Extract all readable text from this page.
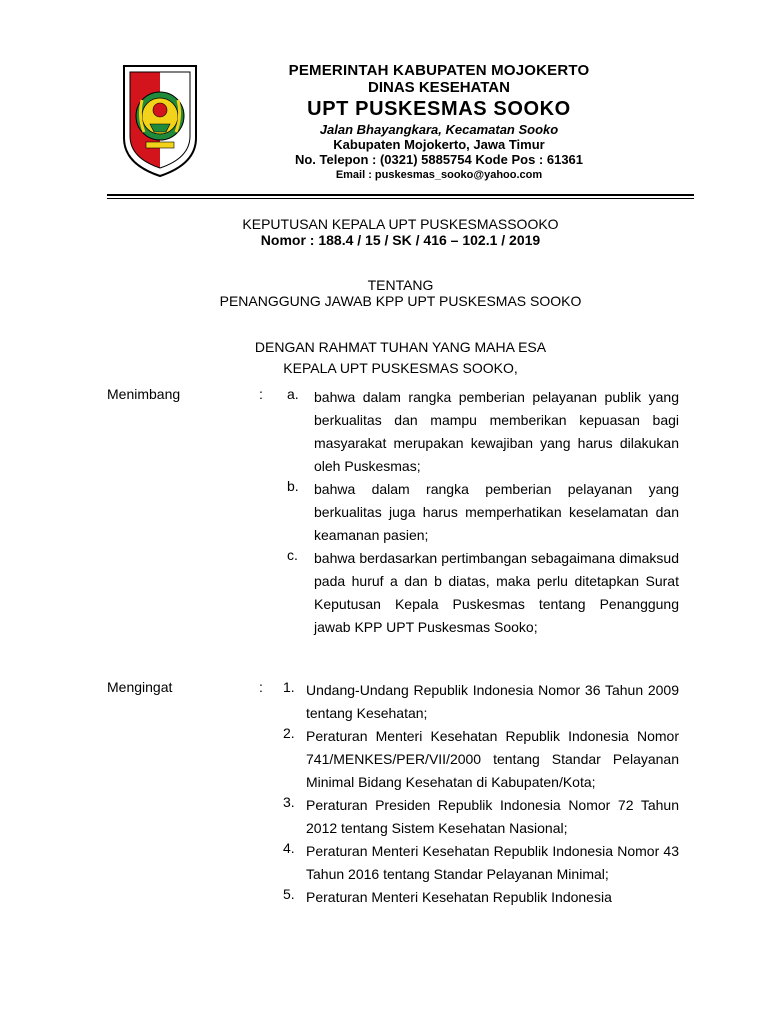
PEMERINTAH KABUPATEN MOJOKERTO
DINAS KESEHATAN
UPT PUSKESMAS SOOKO
Jalan Bhayangkara, Kecamatan Sooko
Kabupaten Mojokerto, Jawa Timur
No. Telepon : (0321) 5885754 Kode Pos : 61361
Email : puskesmas_sooko@yahoo.com
KEPUTUSAN KEPALA UPT PUSKESMASSOOKO
Nomor : 188.4 / 15 / SK / 416 – 102.1 / 2019
TENTANG
PENANGGUNG JAWAB KPP UPT PUSKESMAS SOOKO
DENGAN RAHMAT TUHAN YANG MAHA ESA
KEPALA UPT PUSKESMAS SOOKO,
Menimbang	: a. bahwa dalam rangka pemberian pelayanan publik yang berkualitas dan mampu memberikan kepuasan bagi masyarakat merupakan kewajiban yang harus dilakukan oleh Puskesmas;
b. bahwa dalam rangka pemberian pelayanan yang berkualitas juga harus memperhatikan keselamatan dan keamanan pasien;
c. bahwa berdasarkan pertimbangan sebagaimana dimaksud pada huruf a dan b diatas, maka perlu ditetapkan Surat Keputusan Kepala Puskesmas tentang Penanggung jawab KPP UPT Puskesmas Sooko;
Mengingat	: 1. Undang-Undang Republik Indonesia Nomor 36 Tahun 2009 tentang Kesehatan;
2. Peraturan Menteri Kesehatan Republik Indonesia Nomor 741/MENKES/PER/VII/2000 tentang Standar Pelayanan Minimal Bidang Kesehatan di Kabupaten/Kota;
3. Peraturan Presiden Republik Indonesia Nomor 72 Tahun 2012 tentang Sistem Kesehatan Nasional;
4. Peraturan Menteri Kesehatan Republik Indonesia Nomor 43 Tahun 2016 tentang Standar Pelayanan Minimal;
5. Peraturan Menteri Kesehatan Republik Indonesia
